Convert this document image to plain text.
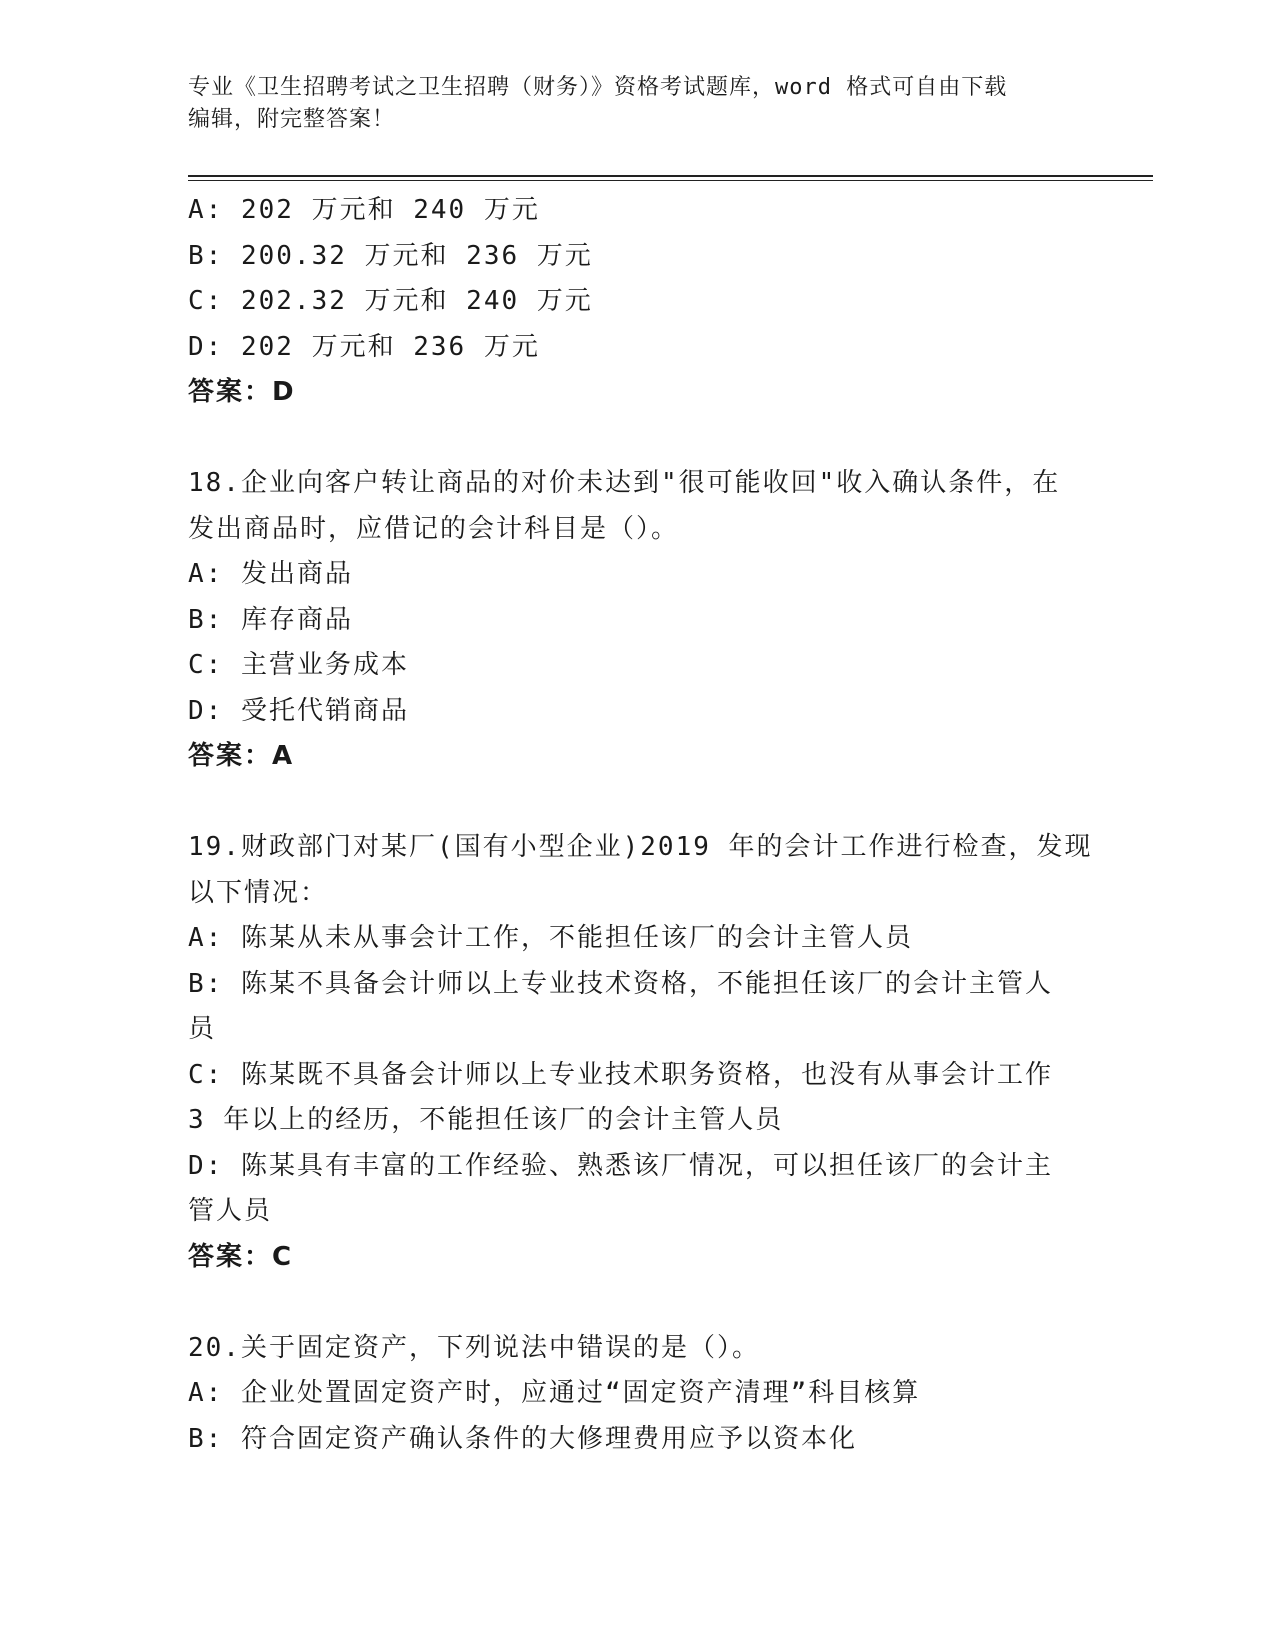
专业《卫生招聘考试之卫生招聘（财务）》资格考试题库，word 格式可自由下载
编辑，附完整答案！
A: 202 万元和 240 万元
B: 200.32 万元和 236 万元
C: 202.32 万元和 240 万元
D: 202 万元和 236 万元
答案：D
18.企业向客户转让商品的对价未达到"很可能收回"收入确认条件，在
发出商品时，应借记的会计科目是（）。
A: 发出商品
B: 库存商品
C: 主营业务成本
D: 受托代销商品
答案：A
19.财政部门对某厂(国有小型企业)2019 年的会计工作进行检查，发现
以下情况：
A: 陈某从未从事会计工作，不能担任该厂的会计主管人员
B: 陈某不具备会计师以上专业技术资格，不能担任该厂的会计主管人
员
C: 陈某既不具备会计师以上专业技术职务资格，也没有从事会计工作
3 年以上的经历，不能担任该厂的会计主管人员
D: 陈某具有丰富的工作经验、熟悉该厂情况，可以担任该厂的会计主
管人员
答案：C
20.关于固定资产，下列说法中错误的是（）。
A: 企业处置固定资产时，应通过“固定资产清理”科目核算
B: 符合固定资产确认条件的大修理费用应予以资本化
